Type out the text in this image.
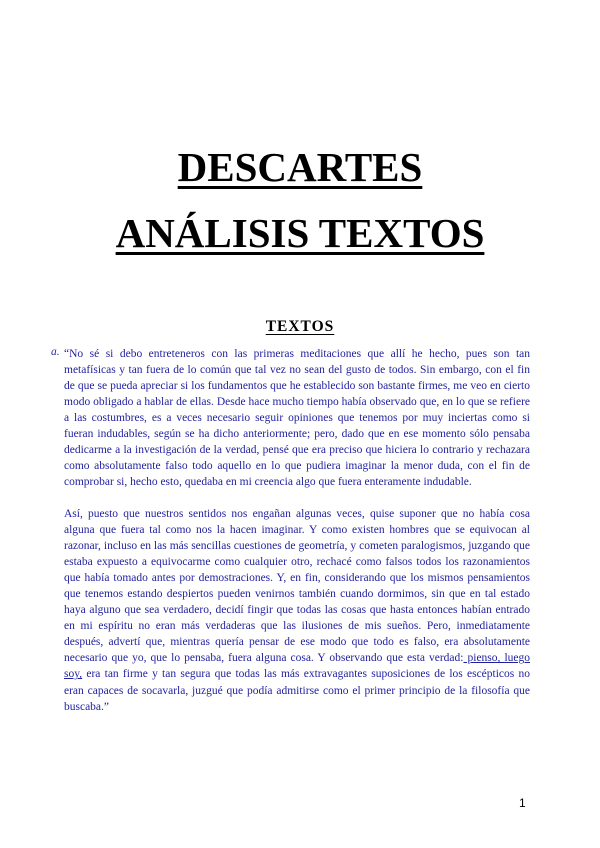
DESCARTES
ANÁLISIS TEXTOS
TEXTOS
a. “No sé si debo entreteneros con las primeras meditaciones que allí he hecho, pues son tan metafísicas y tan fuera de lo común que tal vez no sean del gusto de todos. Sin embargo, con el fin de que se pueda apreciar si los fundamentos que he establecido son bastante firmes, me veo en cierto modo obligado a hablar de ellas. Desde hace mucho tiempo había observado que, en lo que se refiere a las costumbres, es a veces necesario seguir opiniones que tenemos por muy inciertas como si fueran indudables, según se ha dicho anteriormente; pero, dado que en ese momento sólo pensaba dedicarme a la investigación de la verdad, pensé que era preciso que hiciera lo contrario y rechazara como absolutamente falso todo aquello en lo que pudiera imaginar la menor duda, con el fin de comprobar si, hecho esto, quedaba en mi creencia algo que fuera enteramente indudable.

Así, puesto que nuestros sentidos nos engañan algunas veces, quise suponer que no había cosa alguna que fuera tal como nos la hacen imaginar. Y como existen hombres que se equivocan al razonar, incluso en las más sencillas cuestiones de geometría, y cometen paralogismos, juzgando que estaba expuesto a equivocarme como cualquier otro, rechacé como falsos todos los razonamientos que había tomado antes por demostraciones. Y, en fin, considerando que los mismos pensamientos que tenemos estando despiertos pueden venirnos también cuando dormimos, sin que en tal estado haya alguno que sea verdadero, decidí fingir que todas las cosas que hasta entonces habían entrado en mi espíritu no eran más verdaderas que las ilusiones de mis sueños. Pero, inmediatamente después, advertí que, mientras quería pensar de ese modo que todo es falso, era absolutamente necesario que yo, que lo pensaba, fuera alguna cosa. Y observando que esta verdad: pienso, luego soy, era tan firme y tan segura que todas las más extravagantes suposiciones de los escépticos no eran capaces de socavarla, juzgué que podía admitirse como el primer principio de la filosofía que buscaba.”

1
